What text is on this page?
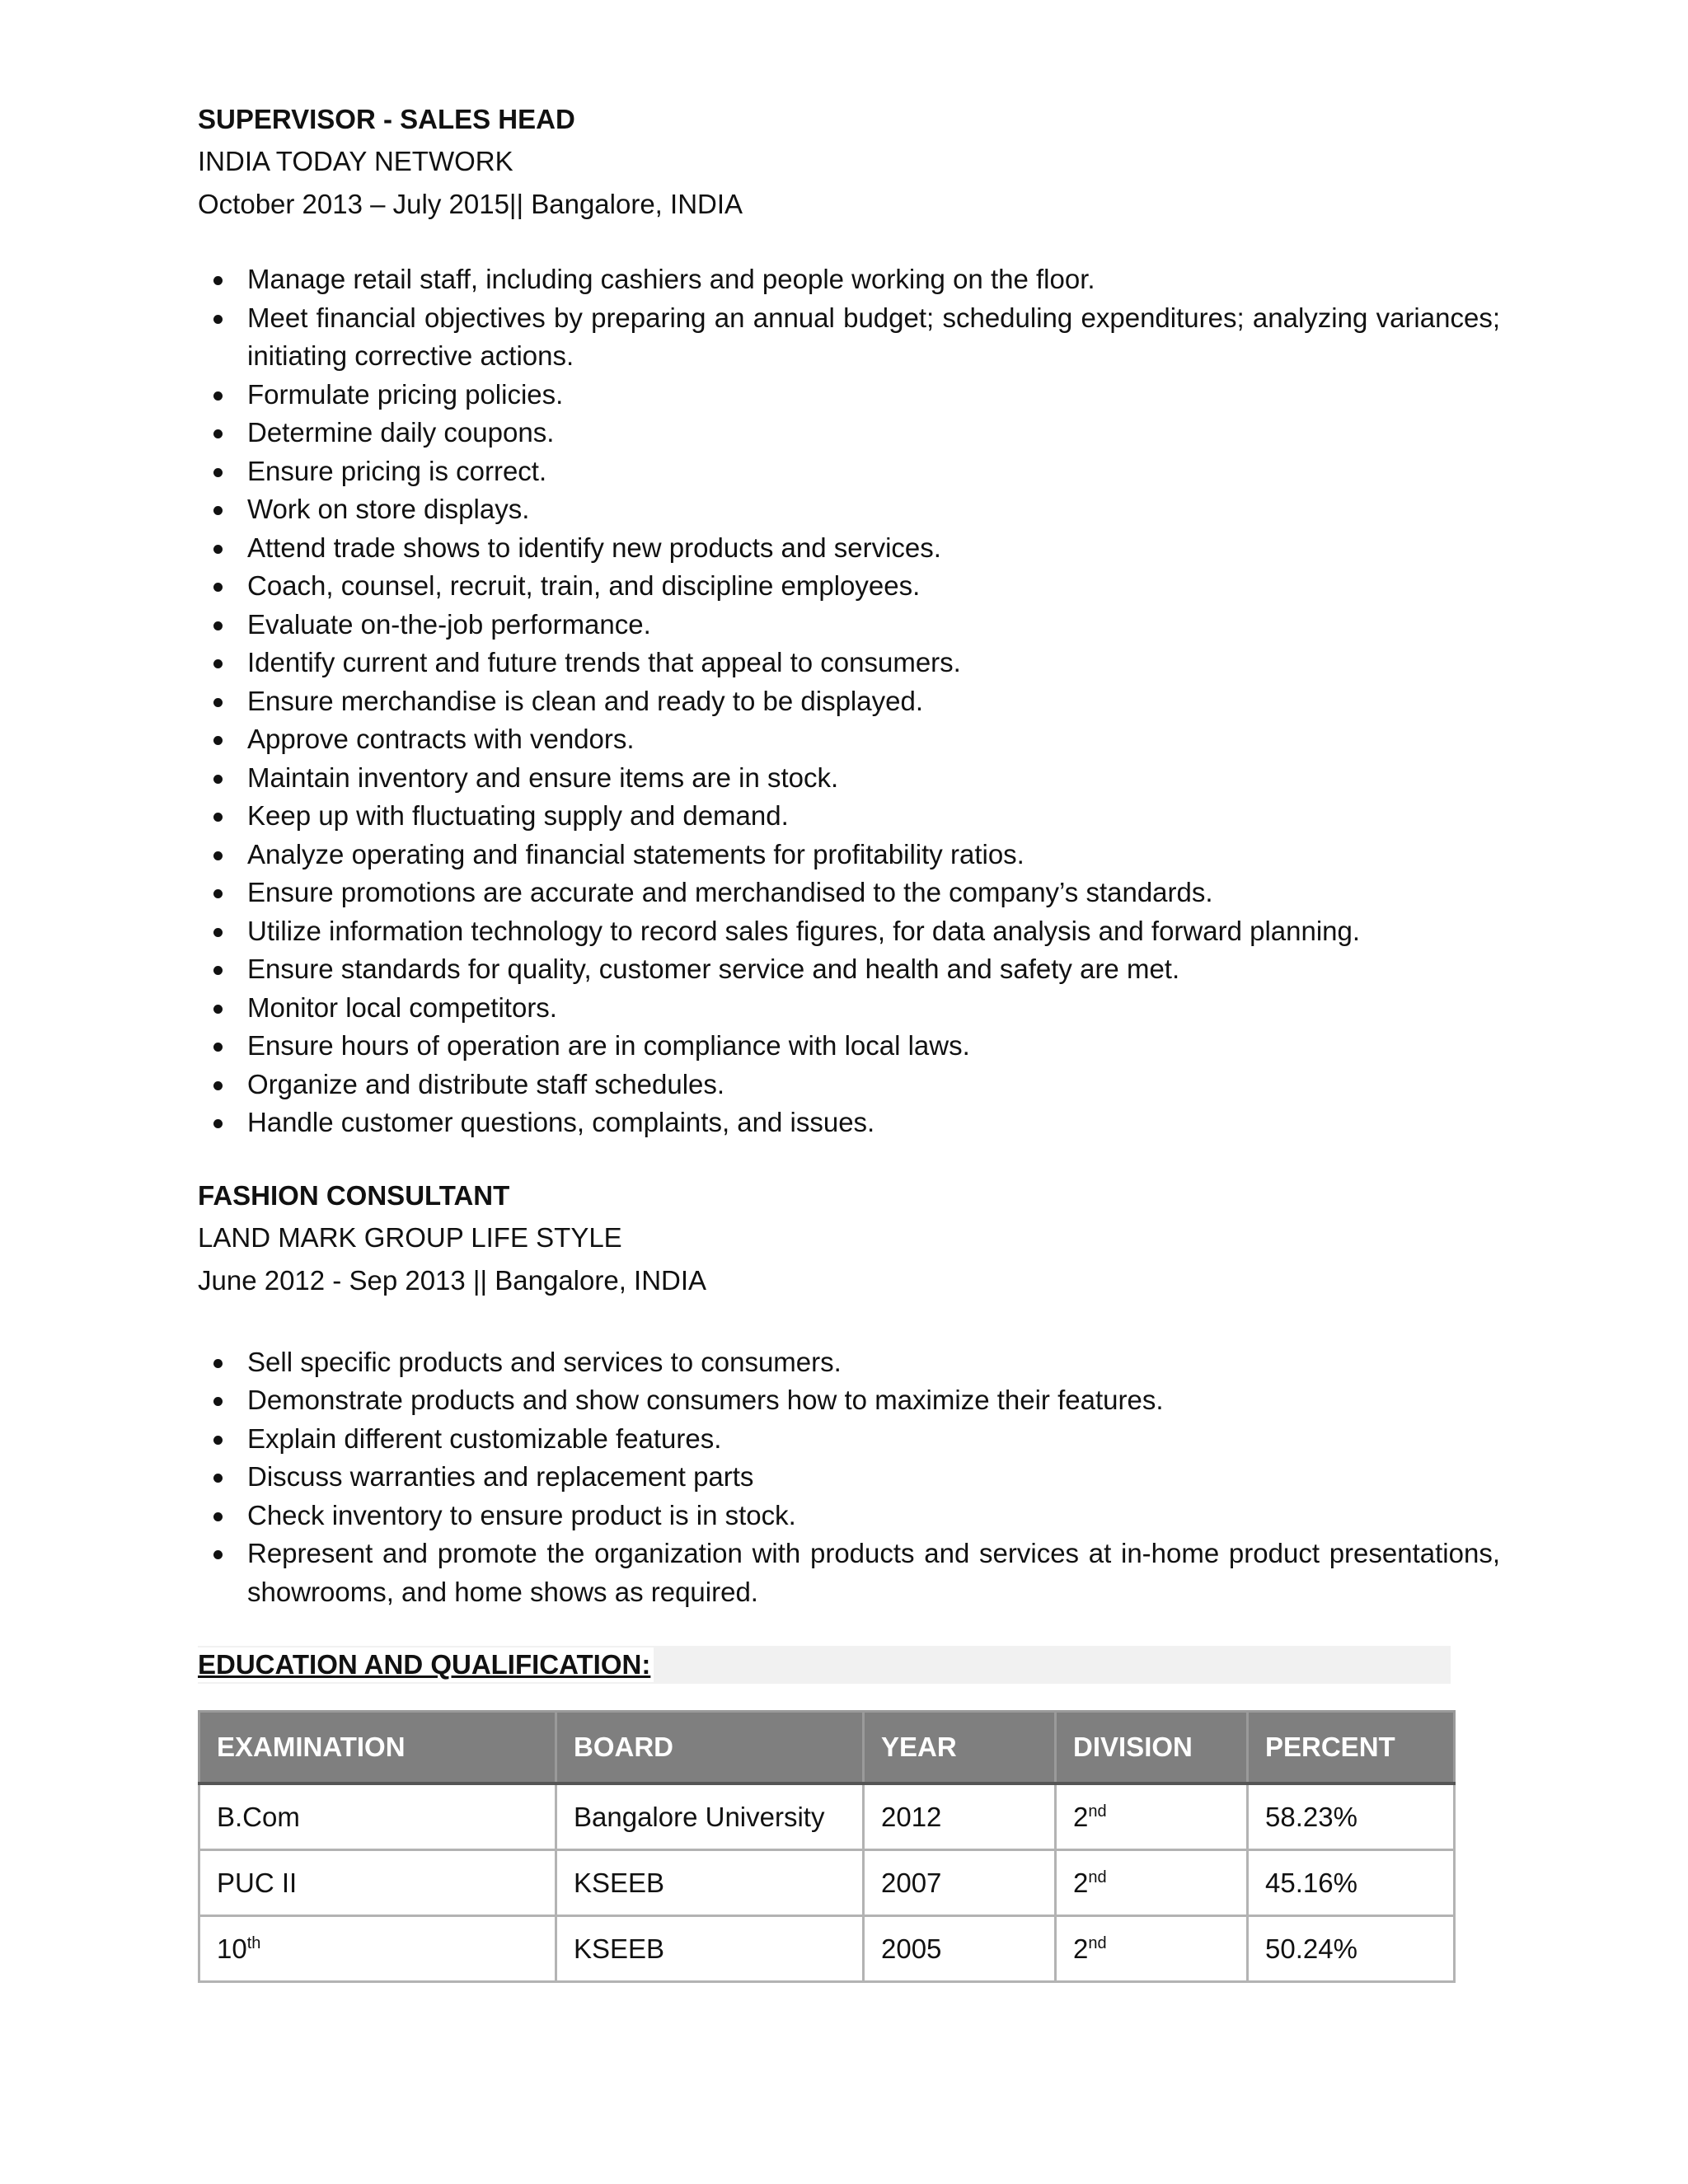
SUPERVISOR - SALES HEAD

INDIA TODAY NETWORK

October 2013 – July 2015|| Bangalore, INDIA

Manage retail staff, including cashiers and people working on the floor.
Meet financial objectives by preparing an annual budget; scheduling expenditures; analyzing variances; initiating corrective actions.
Formulate pricing policies.
Determine daily coupons.
Ensure pricing is correct.
Work on store displays.
Attend trade shows to identify new products and services.
Coach, counsel, recruit, train, and discipline employees.
Evaluate on-the-job performance.
Identify current and future trends that appeal to consumers.
Ensure merchandise is clean and ready to be displayed.
Approve contracts with vendors.
Maintain inventory and ensure items are in stock.
Keep up with fluctuating supply and demand.
Analyze operating and financial statements for profitability ratios.
Ensure promotions are accurate and merchandised to the company’s standards.
Utilize information technology to record sales figures, for data analysis and forward planning.
Ensure standards for quality, customer service and health and safety are met.
Monitor local competitors.
Ensure hours of operation are in compliance with local laws.
Organize and distribute staff schedules.
Handle customer questions, complaints, and issues.

FASHION CONSULTANT

LAND MARK GROUP LIFE STYLE

June 2012 - Sep 2013 || Bangalore, INDIA

Sell specific products and services to consumers.
Demonstrate products and show consumers how to maximize their features.
Explain different customizable features.
Discuss warranties and replacement parts
Check inventory to ensure product is in stock.
Represent and promote the organization with products and services at in-home product presentations, showrooms, and home shows as required.
EDUCATION AND QUALIFICATION:
EXAMINATION	BOARD	YEAR	DIVISION	PERCENT
B.Com	Bangalore University	2012	2nd	58.23%
PUC II	KSEEB	2007	2nd	45.16%
10th	KSEEB	2005	2nd	50.24%
